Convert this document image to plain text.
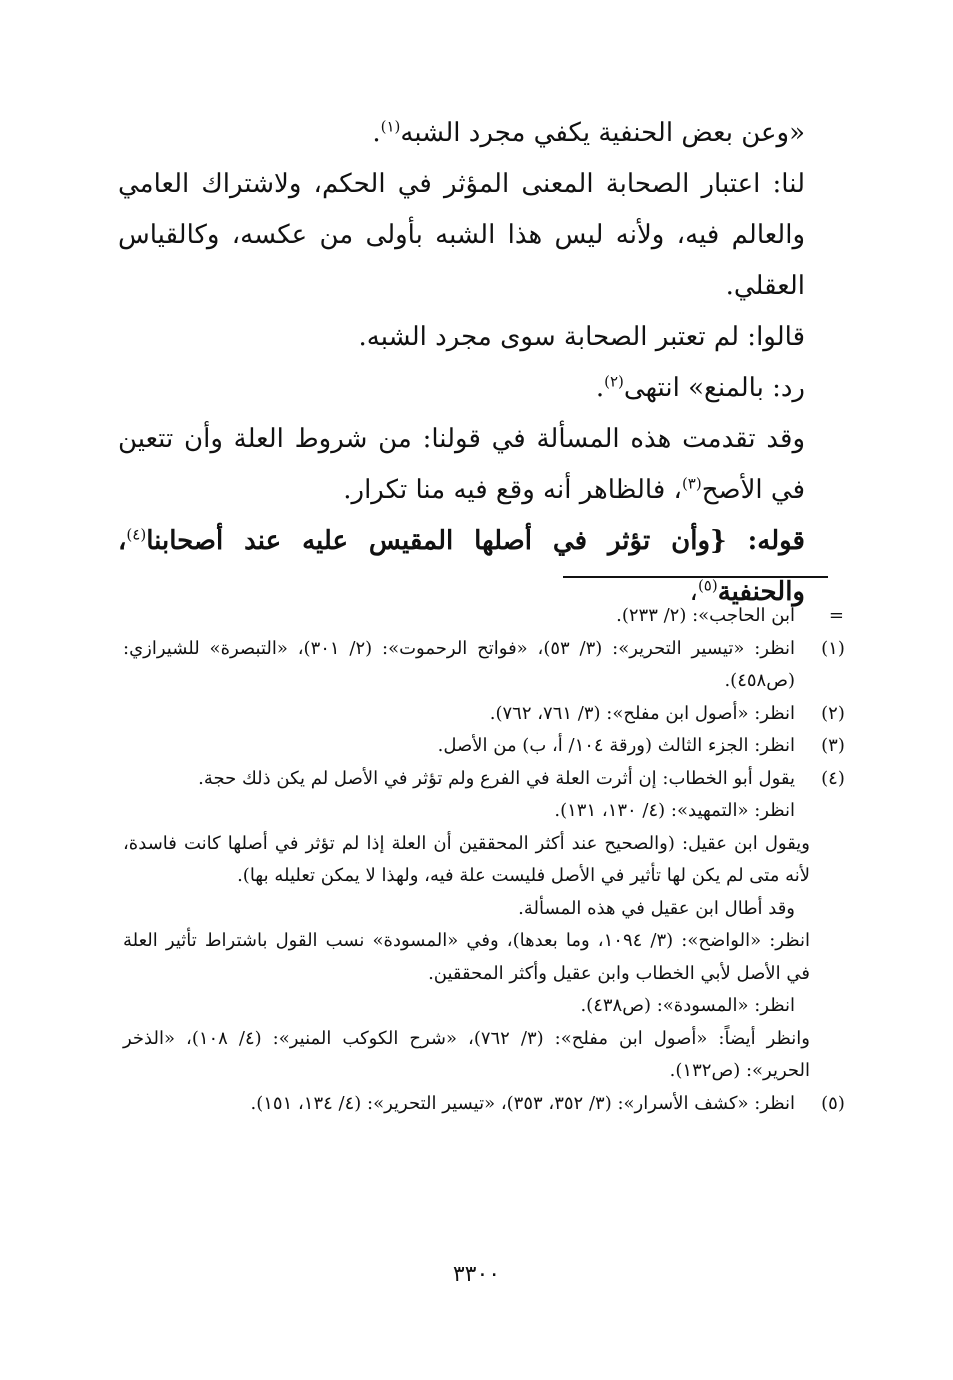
«وعن بعض الحنفية يكفي مجرد الشبه$^{(١)}$.

لنا: اعتبار الصحابة المعنى المؤثر في الحكم، ولاشتراك العامي والعالم فيه، ولأنه ليس هذا الشبه بأولى من عكسه، وكالقياس العقلي.

قالوا: لم تعتبر الصحابة سوى مجرد الشبه.

رد: بالمنع» انتهى$^{(٢)}$.

وقد تقدمت هذه المسألة في قولنا: من شروط العلة وأن تتعين في الأصح$^{(٣)}$، فالظاهر أنه وقع فيه منا تكرار.

قوله: {وأن تؤثر في أصلها المقيس عليه عند أصحابنا$^{(٤)}$، والحنفية$^{(٥)}$،

=
ابن الحاجب»: (٢/ ٢٣٣).

(١)
انظر: «تيسير التحرير»: (٣/ ٥٣)، «فواتح الرحموت»: (٢/ ٣٠١)، «التبصرة» للشيرازي: (ص٤٥٨).

(٢)
انظر: «أصول ابن مفلح»: (٣/ ٧٦١، ٧٦٢).

(٣)
انظر: الجزء الثالث (ورقة ١٠٤/ أ، ب) من الأصل.

(٤)
يقول أبو الخطاب: إن أثرت العلة في الفرع ولم تؤثر في الأصل لم يكن ذلك حجة.

انظر: «التمهيد»: (٤/ ١٣٠، ١٣١).

ويقول ابن عقيل: (والصحيح عند أكثر المحققين أن العلة إذا لم تؤثر في أصلها كانت فاسدة، لأنه متى لم يكن لها تأثير في الأصل فليست علة فيه، ولهذا لا يمكن تعليله بها).

وقد أطال ابن عقيل في هذه المسألة.

انظر: «الواضح»: (٣/ ١٠٩٤، وما بعدها)، وفي «المسودة» نسب القول باشتراط تأثير العلة في الأصل لأبي الخطاب وابن عقيل وأكثر المحققين.

انظر: «المسودة»: (ص٤٣٨).

وانظر أيضاً: «أصول ابن مفلح»: (٣/ ٧٦٢)، «شرح الكوكب المنير»: (٤/ ١٠٨)، «الذخر الحرير»: (ص١٣٢).

(٥)
انظر: «كشف الأسرار»: (٣/ ٣٥٢، ٣٥٣)، «تيسير التحرير»: (٤/ ١٣٤، ١٥١).

٣٣٠٠
